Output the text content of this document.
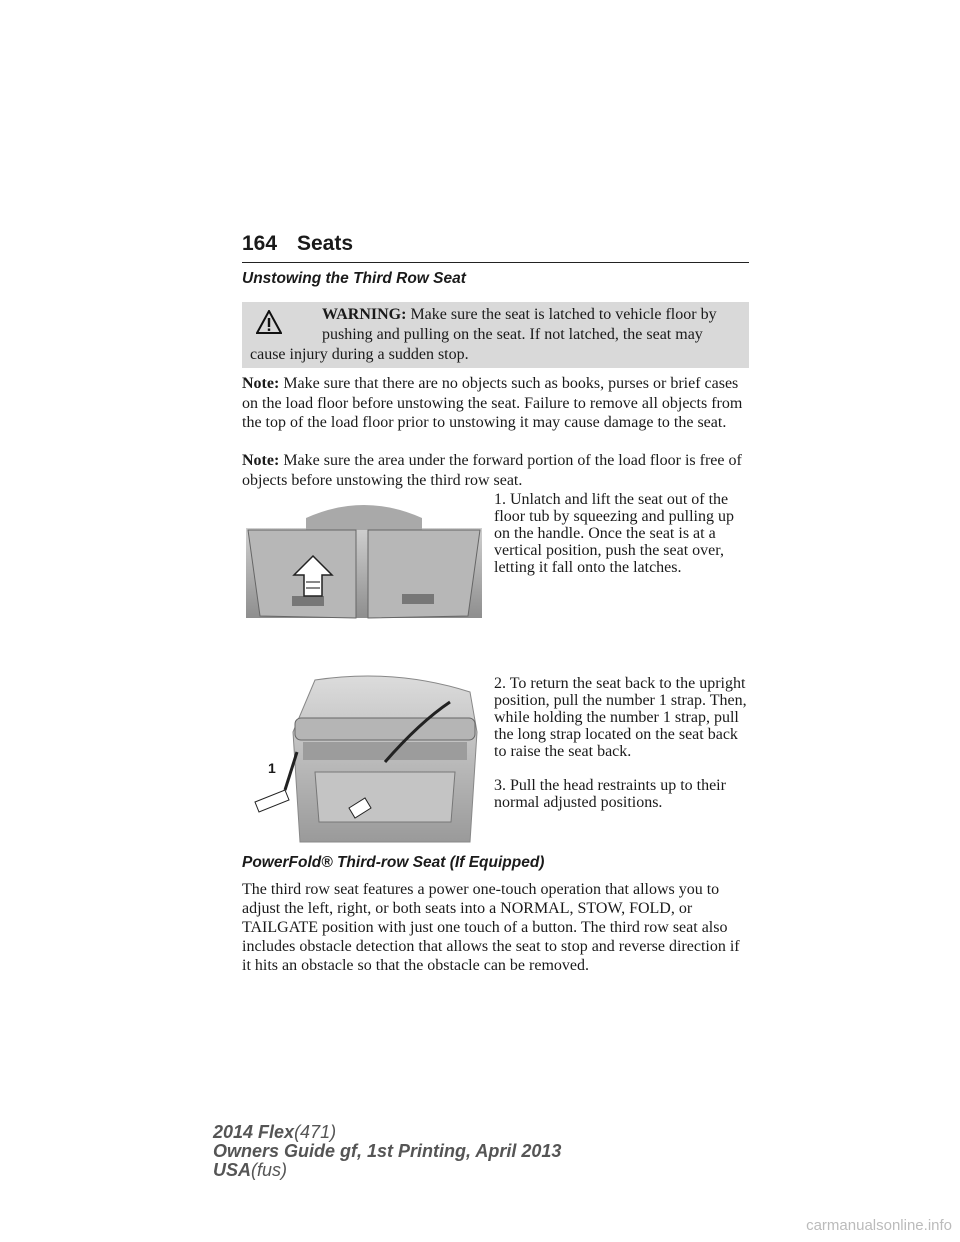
164 Seats
Unstowing the Third Row Seat
WARNING: Make sure the seat is latched to vehicle floor by
pushing and pulling on the seat. If not latched, the seat may
cause injury during a sudden stop.
Note: Make sure that there are no objects such as books, purses or brief cases on the load floor before unstowing the seat. Failure to remove all objects from the top of the load floor prior to unstowing it may cause damage to the seat.
Note: Make sure the area under the forward portion of the load floor is free of objects before unstowing the third row seat.
1. Unlatch and lift the seat out of the floor tub by squeezing and pulling up on the handle. Once the seat is at a vertical position, push the seat over, letting it fall onto the latches.
1
2. To return the seat back to the upright position, pull the number 1 strap. Then, while holding the number 1 strap, pull the long strap located on the seat back to raise the seat back.
3. Pull the head restraints up to their normal adjusted positions.
PowerFold® Third-row Seat (If Equipped)
The third row seat features a power one-touch operation that allows you to adjust the left, right, or both seats into a NORMAL, STOW, FOLD, or TAILGATE position with just one touch of a button. The third row seat also includes obstacle detection that allows the seat to stop and reverse direction if it hits an obstacle so that the obstacle can be removed.
2014 Flex(471)
Owners Guide gf, 1st Printing, April 2013
USA(fus)
carmanualsonline.info
